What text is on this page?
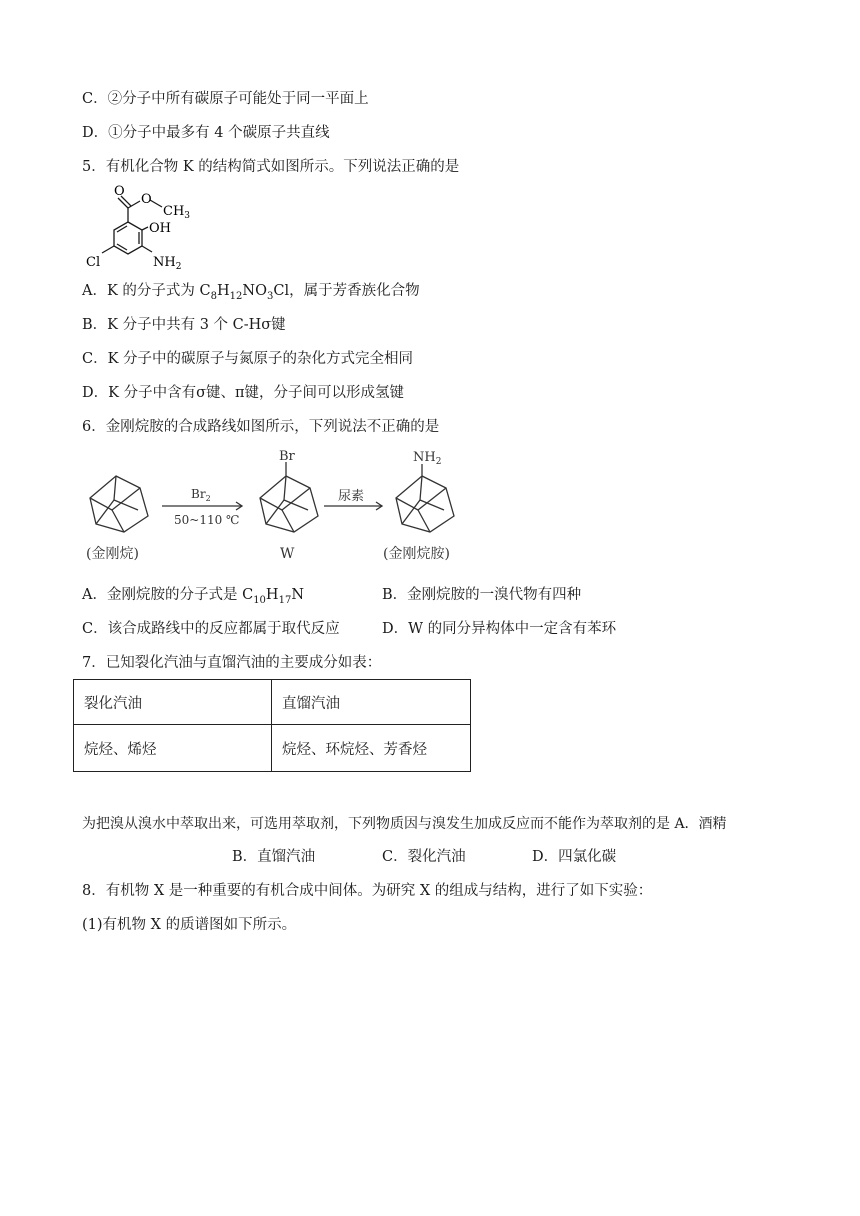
C．②分子中所有碳原子可能处于同一平面上
D．①分子中最多有 4 个碳原子共直线
5．有机化合物 K 的结构简式如图所示。下列说法正确的是
O
O
$CH_3$
OH
Cl	$NH_2$
A．K 的分子式为 $C_8H_{12}NO_3Cl$，属于芳香族化合物
B．K 分子中共有 3 个 C-Hσ键
C．K 分子中的碳原子与氮原子的杂化方式完全相同
D．K 分子中含有σ键、π键，分子间可以形成氢键
6．金刚烷胺的合成路线如图所示，下列说法不正确的是
Br	$NH_2$
$Br_2$
50~110 ℃
尿素
(金刚烷)	W	(金刚烷胺)
A．金刚烷胺的分子式是 $C_{10}H_{17}N$	B．金刚烷胺的一溴代物有四种
C．该合成路线中的反应都属于取代反应	D．W 的同分异构体中一定含有苯环
7．已知裂化汽油与直馏汽油的主要成分如表：
裂化汽油	直馏汽油
烷烃、烯烃	烷烃、环烷烃、芳香烃
为把溴从溴水中萃取出来，可选用萃取剂，下列物质因与溴发生加成反应而不能作为萃取剂的是 A．酒精
B．直馏汽油	C．裂化汽油	D．四氯化碳
8．有机物 X 是一种重要的有机合成中间体。为研究 X 的组成与结构，进行了如下实验：
(1)有机物 X 的质谱图如下所示。
